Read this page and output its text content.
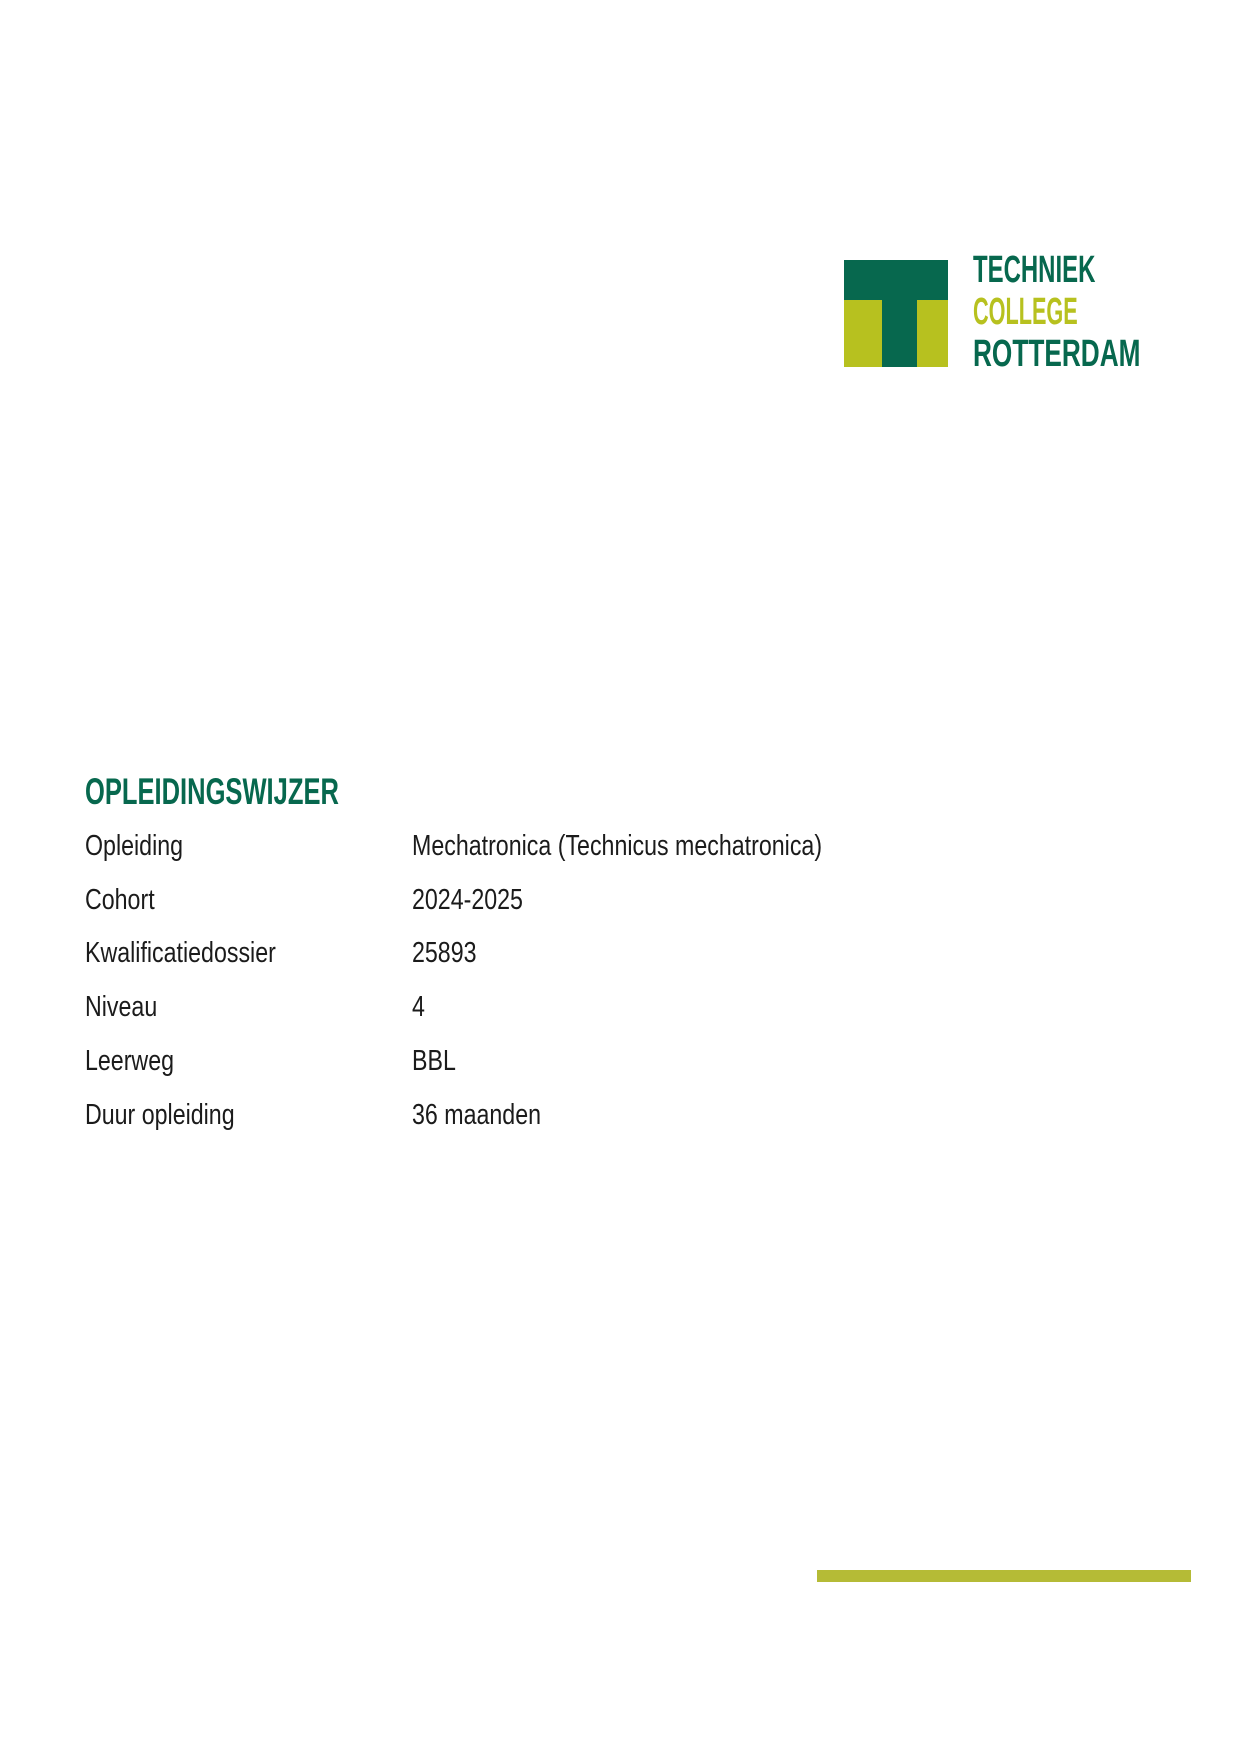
TECHNIEK
COLLEGE
ROTTERDAM
OPLEIDINGSWIJZER
Opleiding	Mechatronica (Technicus mechatronica)
Cohort	2024-2025
Kwalificatiedossier	25893
Niveau	4
Leerweg	BBL
Duur opleiding	36 maanden
